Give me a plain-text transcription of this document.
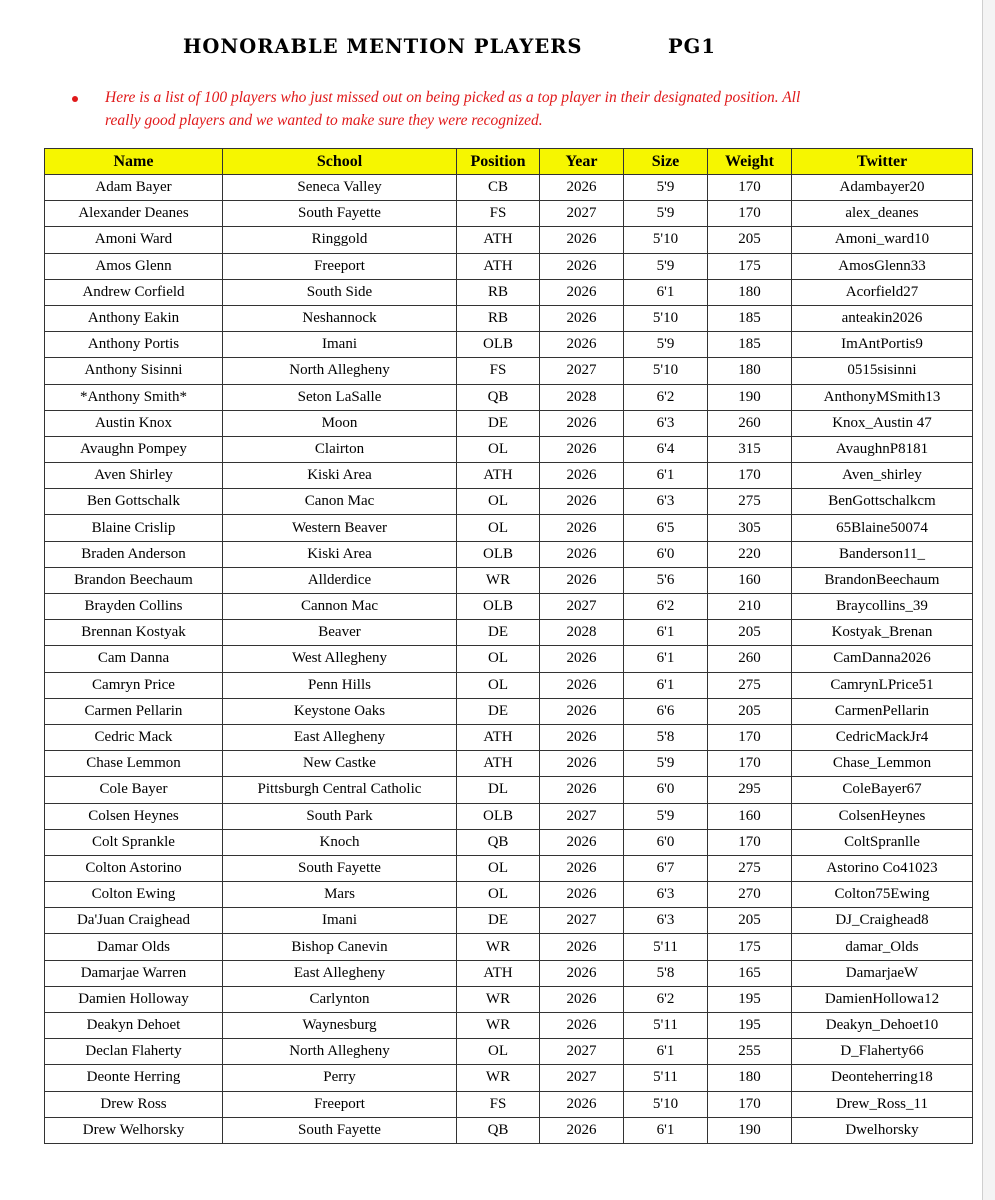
HONORABLE MENTION PLAYERS	PG1
Here is a list of 100 players who just missed out on being picked as a top player in their designated position. All really good players and we wanted to make sure they were recognized.
Name	School	Position	Year	Size	Weight	Twitter
Adam Bayer	Seneca Valley	CB	2026	5'9	170	Adambayer20
Alexander Deanes	South Fayette	FS	2027	5'9	170	alex_deanes
Amoni Ward	Ringgold	ATH	2026	5'10	205	Amoni_ward10
Amos Glenn	Freeport	ATH	2026	5'9	175	AmosGlenn33
Andrew Corfield	South Side	RB	2026	6'1	180	Acorfield27
Anthony Eakin	Neshannock	RB	2026	5'10	185	anteakin2026
Anthony Portis	Imani	OLB	2026	5'9	185	ImAntPortis9
Anthony Sisinni	North Allegheny	FS	2027	5'10	180	0515sisinni
*Anthony Smith*	Seton LaSalle	QB	2028	6'2	190	AnthonyMSmith13
Austin Knox	Moon	DE	2026	6'3	260	Knox_Austin 47
Avaughn Pompey	Clairton	OL	2026	6'4	315	AvaughnP8181
Aven Shirley	Kiski Area	ATH	2026	6'1	170	Aven_shirley
Ben Gottschalk	Canon Mac	OL	2026	6'3	275	BenGottschalkcm
Blaine Crislip	Western Beaver	OL	2026	6'5	305	65Blaine50074
Braden Anderson	Kiski Area	OLB	2026	6'0	220	Banderson11_
Brandon Beechaum	Allderdice	WR	2026	5'6	160	BrandonBeechaum
Brayden Collins	Cannon Mac	OLB	2027	6'2	210	Braycollins_39
Brennan Kostyak	Beaver	DE	2028	6'1	205	Kostyak_Brenan
Cam Danna	West Allegheny	OL	2026	6'1	260	CamDanna2026
Camryn Price	Penn Hills	OL	2026	6'1	275	CamrynLPrice51
Carmen Pellarin	Keystone Oaks	DE	2026	6'6	205	CarmenPellarin
Cedric Mack	East Allegheny	ATH	2026	5'8	170	CedricMackJr4
Chase Lemmon	New Castke	ATH	2026	5'9	170	Chase_Lemmon
Cole Bayer	Pittsburgh Central Catholic	DL	2026	6'0	295	ColeBayer67
Colsen Heynes	South Park	OLB	2027	5'9	160	ColsenHeynes
Colt Sprankle	Knoch	QB	2026	6'0	170	ColtSpranlle
Colton Astorino	South Fayette	OL	2026	6'7	275	Astorino Co41023
Colton Ewing	Mars	OL	2026	6'3	270	Colton75Ewing
Da'Juan Craighead	Imani	DE	2027	6'3	205	DJ_Craighead8
Damar Olds	Bishop Canevin	WR	2026	5'11	175	damar_Olds
Damarjae Warren	East Allegheny	ATH	2026	5'8	165	DamarjaeW
Damien Holloway	Carlynton	WR	2026	6'2	195	DamienHollowa12
Deakyn Dehoet	Waynesburg	WR	2026	5'11	195	Deakyn_Dehoet10
Declan Flaherty	North Allegheny	OL	2027	6'1	255	D_Flaherty66
Deonte Herring	Perry	WR	2027	5'11	180	Deonteherring18
Drew Ross	Freeport	FS	2026	5'10	170	Drew_Ross_11
Drew Welhorsky	South Fayette	QB	2026	6'1	190	Dwelhorsky
